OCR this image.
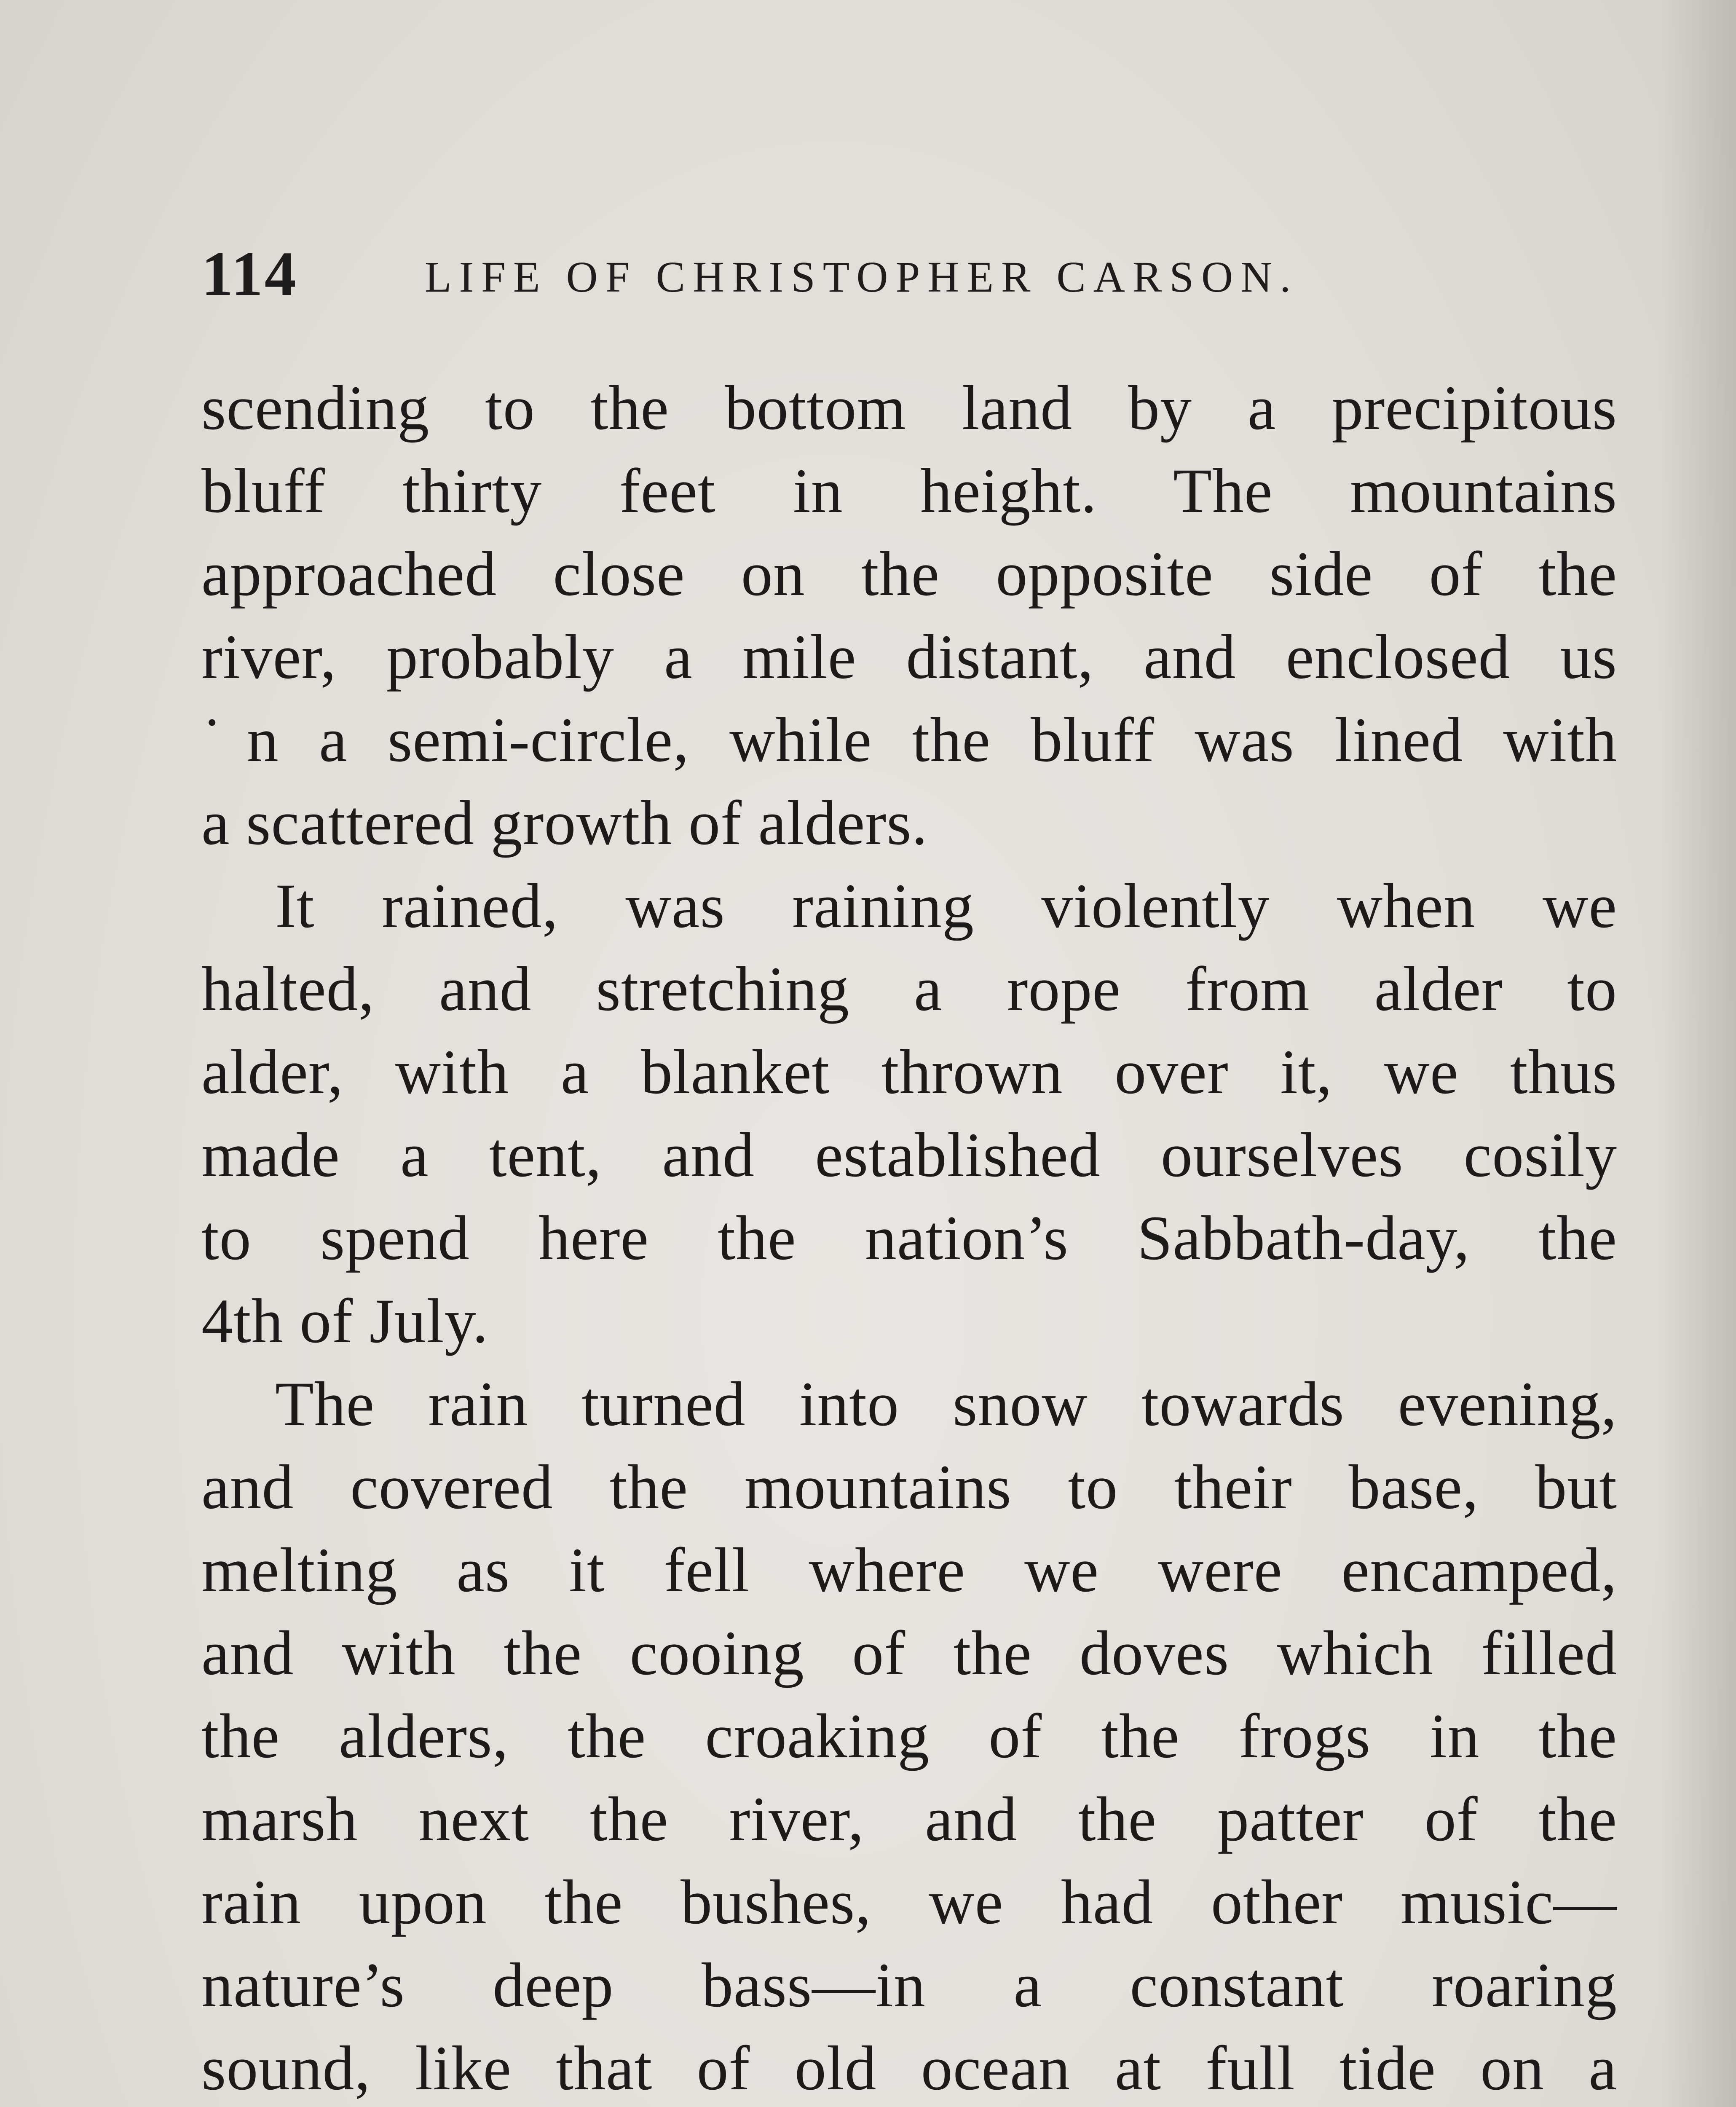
114	LIFE OF CHRISTOPHER CARSON.

scending to the bottom land by a precipitous
bluff thirty feet in height. The mountains
approached close on the opposite side of the
river, probably a mile distant, and enclosed us
˙n a semi-circle, while the bluff was lined with
a scattered growth of alders.

It rained, was raining violently when we
halted, and stretching a rope from alder to
alder, with a blanket thrown over it, we thus
made a tent, and established ourselves cosily
to spend here the nation’s Sabbath-day, the
4th of July.

The rain turned into snow towards evening,
and covered the mountains to their base, but
melting as it fell where we were encamped,
and with the cooing of the doves which filled
the alders, the croaking of the frogs in the
marsh next the river, and the patter of the
rain upon the bushes, we had other music—
nature’s deep bass—in a constant roaring
sound, like that of old ocean at full tide on a
